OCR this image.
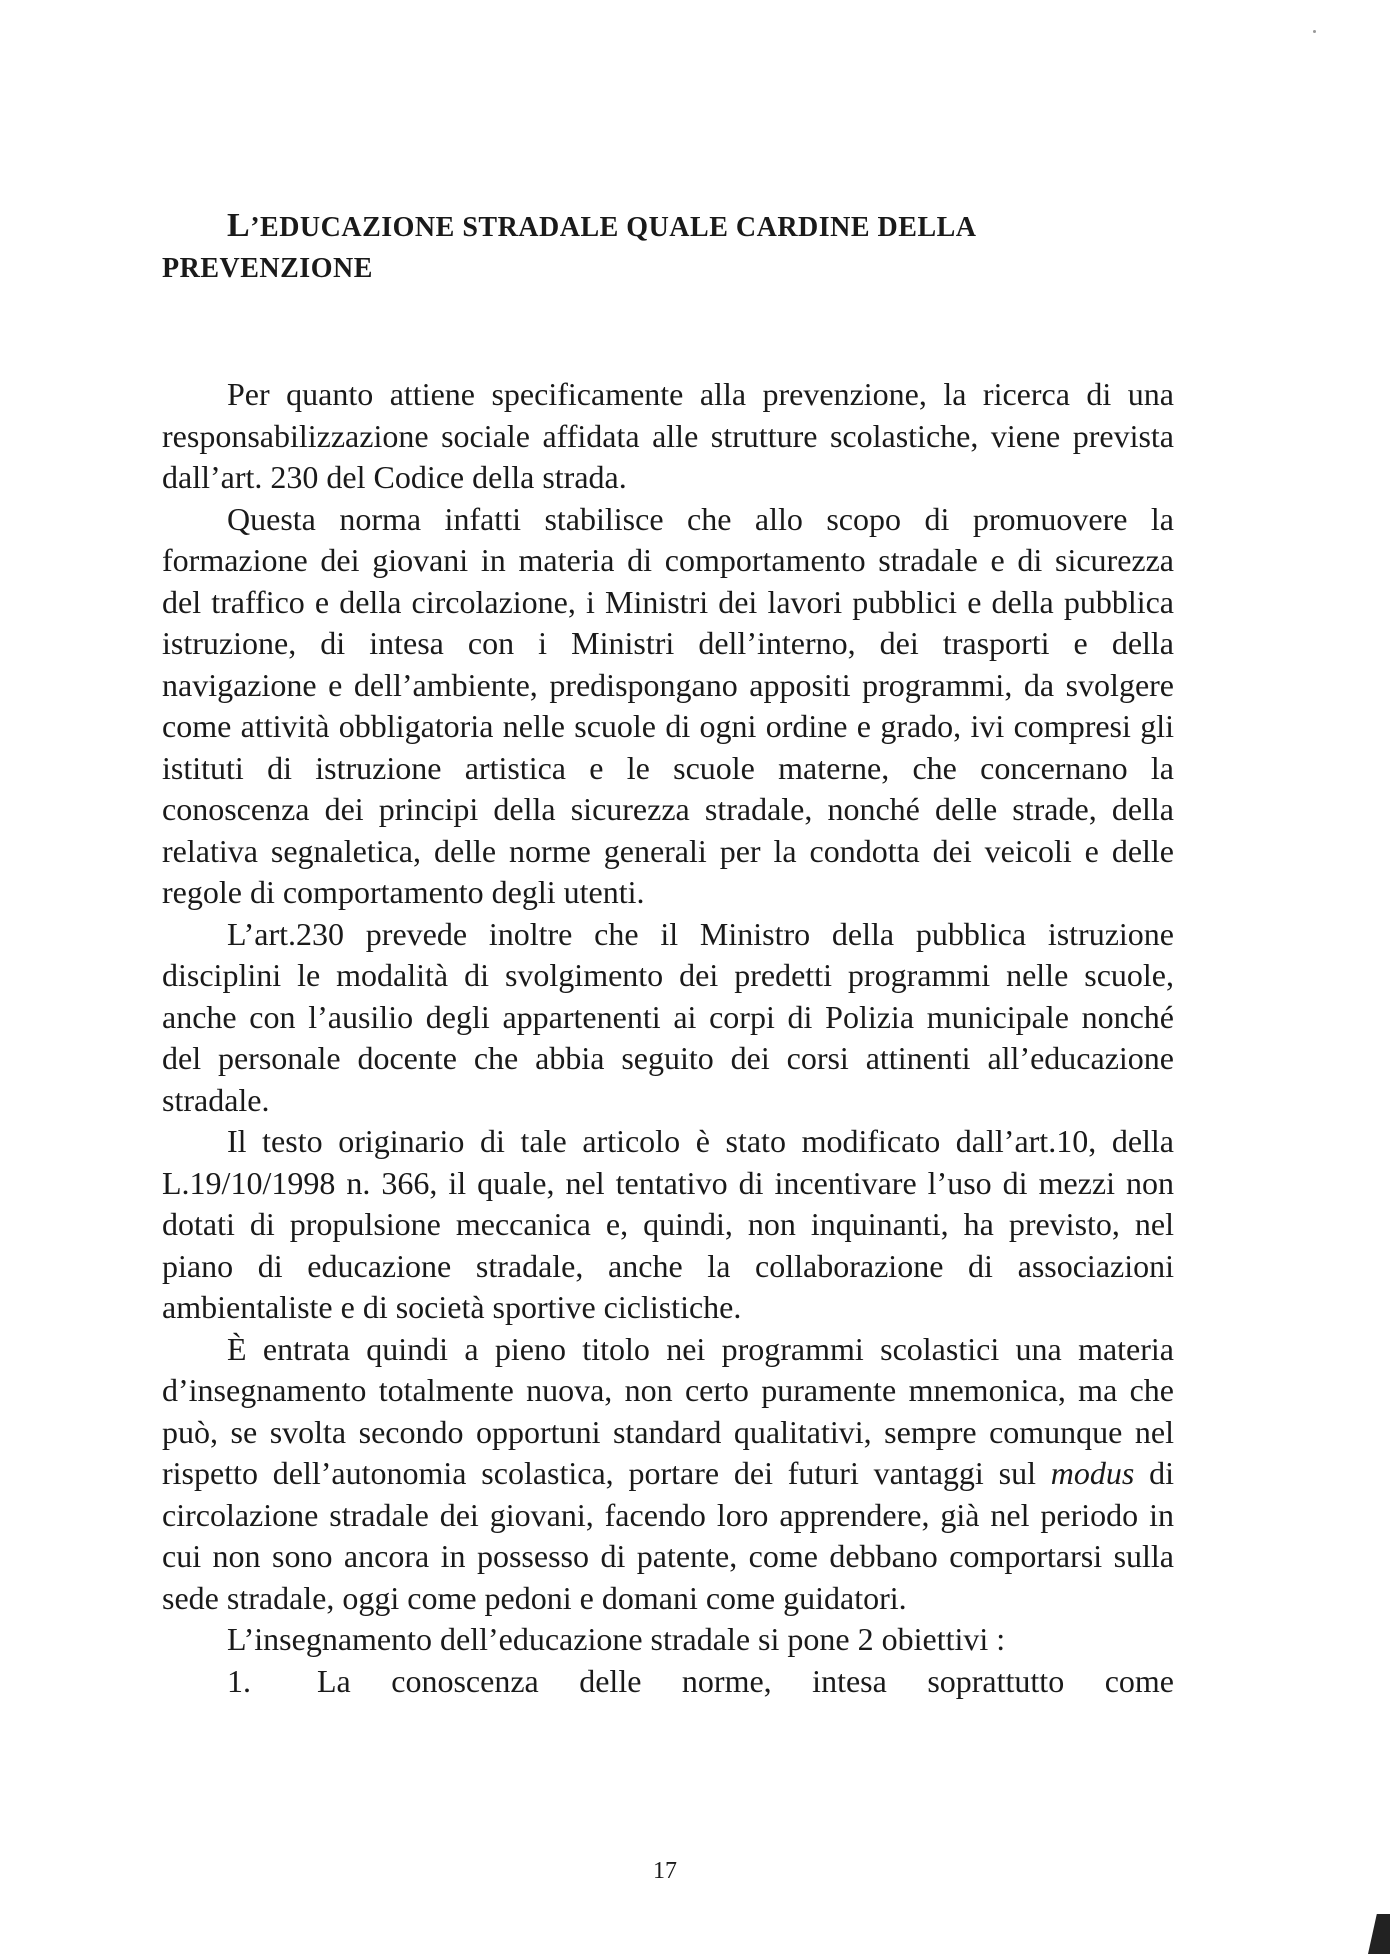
L’EDUCAZIONE STRADALE QUALE CARDINE DELLA
PREVENZIONE

Per quanto attiene specificamente alla prevenzione, la ricerca di una responsabilizzazione sociale affidata alle strutture scolastiche, viene prevista dall’art. 230 del Codice della strada.

Questa norma infatti stabilisce che allo scopo di promuovere la formazione dei giovani in materia di comportamento stradale e di sicurezza del traffico e della circolazione, i Ministri dei lavori pubblici e della pubblica istruzione, di intesa con i Ministri dell’interno, dei trasporti e della navigazione e dell’ambiente, predispongano appositi programmi, da svolgere come attività obbligatoria nelle scuole di ogni ordine e grado, ivi compresi gli istituti di istruzione artistica e le scuole materne, che concernano la conoscenza dei principi della sicurezza stradale, nonché delle strade, della relativa segnaletica, delle norme generali per la condotta dei veicoli e delle regole di comportamento degli utenti.

L’art.230 prevede inoltre che il Ministro della pubblica istruzione disciplini le modalità di svolgimento dei predetti programmi nelle scuole, anche con l’ausilio degli appartenenti ai corpi di Polizia municipale nonché del personale docente che abbia seguito dei corsi attinenti all’educazione stradale.

Il testo originario di tale articolo è stato modificato dall’art.10, della L.19/10/1998 n. 366, il quale, nel tentativo di incentivare l’uso di mezzi non dotati di propulsione meccanica e, quindi, non inquinanti, ha previsto, nel piano di educazione stradale, anche la collaborazione di associazioni ambientaliste e di società sportive ciclistiche.

È entrata quindi a pieno titolo nei programmi scolastici una materia d’insegnamento totalmente nuova, non certo puramente mnemonica, ma che può, se svolta secondo opportuni standard qualitativi, sempre comunque nel rispetto dell’autonomia scolastica, portare dei futuri vantaggi sul modus di circolazione stradale dei giovani, facendo loro apprendere, già nel periodo in cui non sono ancora in possesso di patente, come debbano comportarsi sulla sede stradale, oggi come pedoni e domani come guidatori.

L’insegnamento dell’educazione stradale si pone 2 obiettivi :

1.	La conoscenza delle norme, intesa soprattutto come
17
